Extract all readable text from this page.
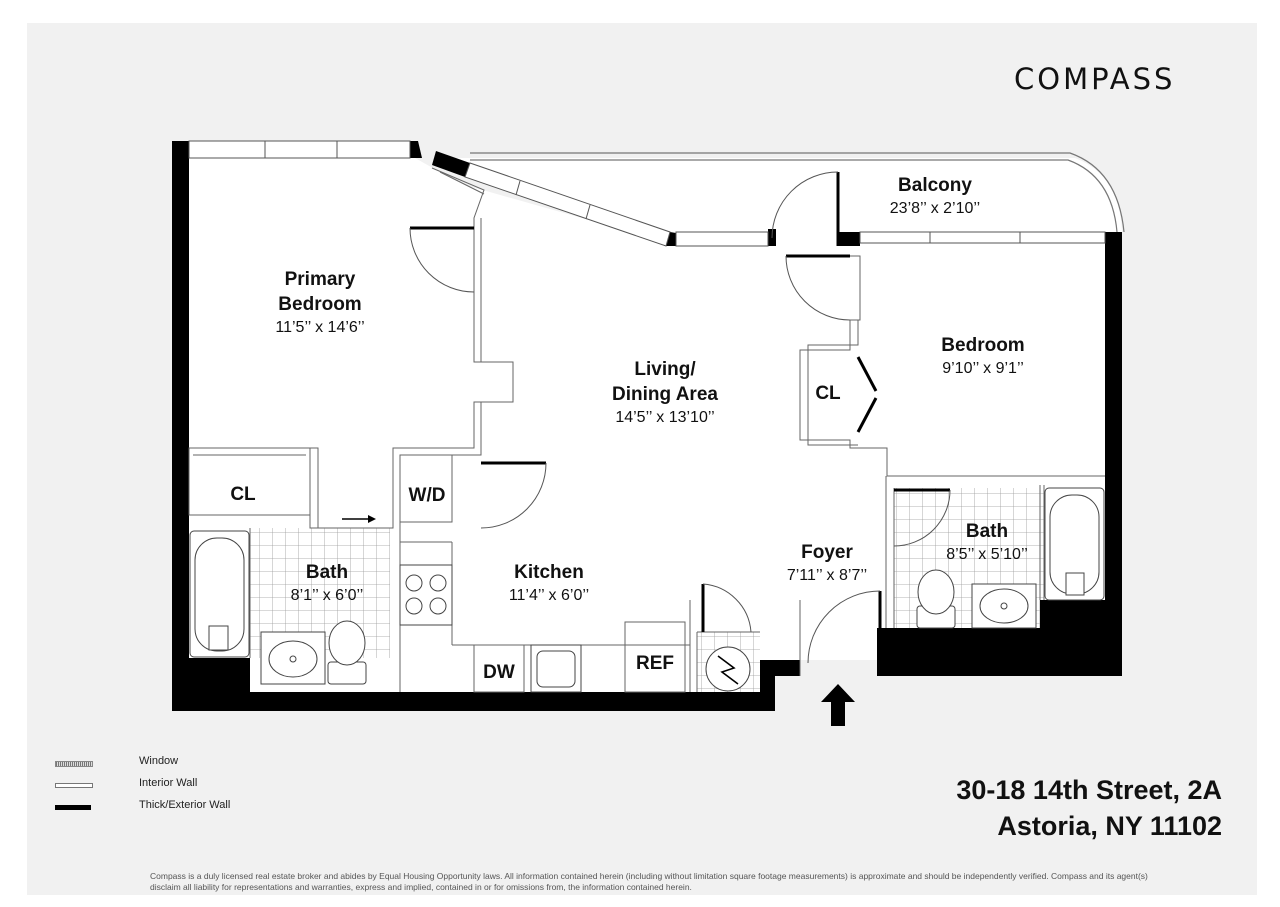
COMPASS
Primary
Bedroom
11’5’’ x 14’6’’
Balcony
23’8’’ x 2’10’’
Living/
Dining Area
14’5’’ x 13’10’’
Bedroom
9’10’’ x 9’1’’
Kitchen
11’4’’ x 6’0’’
Foyer
7’11’’ x 8’7’’
Bath
8’1’’ x 6’0’’
Bath
8’5’’ x 5’10’’
CL
CL
W/D
DW	REF
Window
Interior Wall
Thick/Exterior Wall	30-18 14th Street, 2A
Astoria, NY 11102
Compass is a duly licensed real estate broker and abides by Equal Housing Opportunity laws. All information contained herein (including without limitation square footage measurements) is approximate and should be independently verified. Compass and its agent(s) disclaim all liability for representations and warranties, express and implied, contained in or for omissions from, the information contained herein.
